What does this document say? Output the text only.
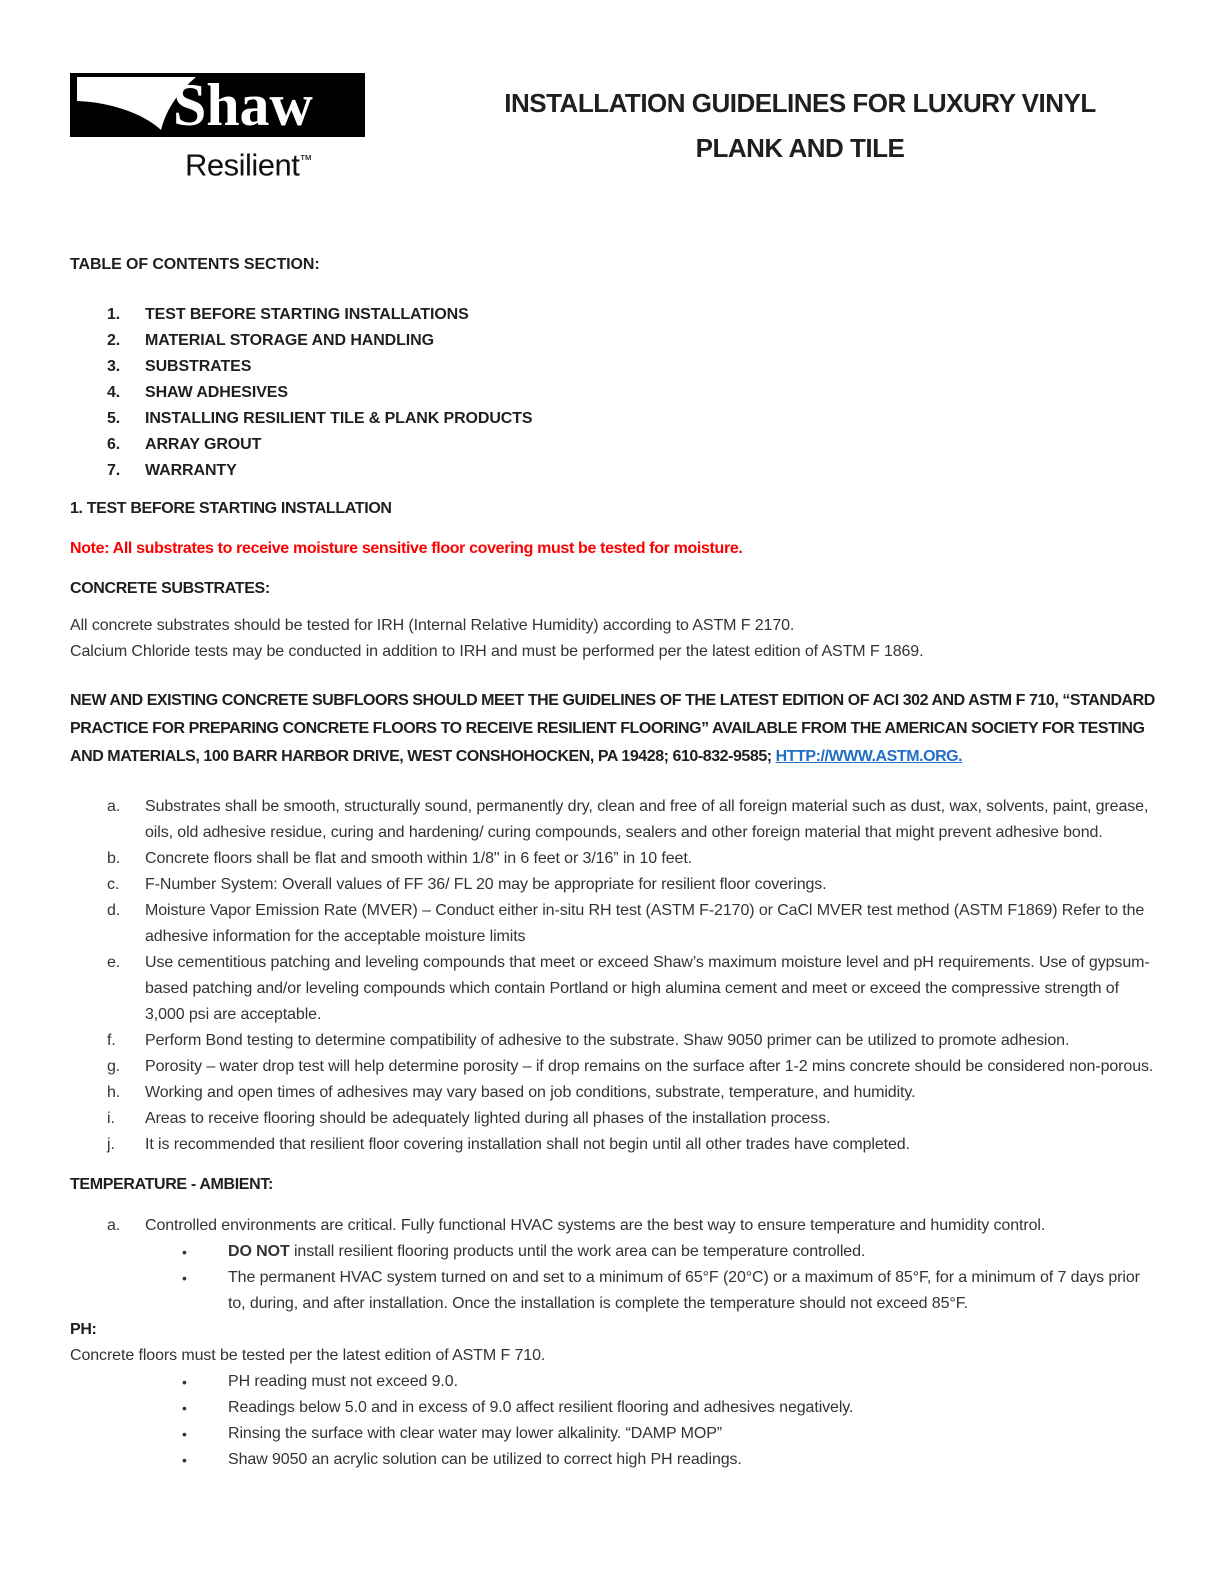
Shaw
Resilient™
INSTALLATION GUIDELINES FOR LUXURY VINYL
PLANK AND TILE
TABLE OF CONTENTS SECTION:
1. TEST BEFORE STARTING INSTALLATIONS
2. MATERIAL STORAGE AND HANDLING
3. SUBSTRATES
4. SHAW ADHESIVES
5. INSTALLING RESILIENT TILE & PLANK PRODUCTS
6. ARRAY GROUT
7. WARRANTY
1. TEST BEFORE STARTING INSTALLATION
Note: All substrates to receive moisture sensitive floor covering must be tested for moisture.
CONCRETE SUBSTRATES:
All concrete substrates should be tested for IRH (Internal Relative Humidity) according to ASTM F 2170.
Calcium Chloride tests may be conducted in addition to IRH and must be performed per the latest edition of ASTM F 1869.

NEW AND EXISTING CONCRETE SUBFLOORS SHOULD MEET THE GUIDELINES OF THE LATEST EDITION OF ACI 302 AND ASTM F 710, “STANDARD PRACTICE FOR PREPARING CONCRETE FLOORS TO RECEIVE RESILIENT FLOORING” AVAILABLE FROM THE AMERICAN SOCIETY FOR TESTING AND MATERIALS, 100 BARR HARBOR DRIVE, WEST CONSHOHOCKEN, PA 19428; 610-832-9585; HTTP://WWW.ASTM.ORG.

a. Substrates shall be smooth, structurally sound, permanently dry, clean and free of all foreign material such as dust, wax, solvents, paint, grease, oils, old adhesive residue, curing and hardening/ curing compounds, sealers and other foreign material that might prevent adhesive bond.
b. Concrete floors shall be flat and smooth within 1/8" in 6 feet or 3/16” in 10 feet.
c. F-Number System: Overall values of FF 36/ FL 20 may be appropriate for resilient floor coverings.
d. Moisture Vapor Emission Rate (MVER) – Conduct either in-situ RH test (ASTM F-2170) or CaCl MVER test method (ASTM F1869) Refer to the adhesive information for the acceptable moisture limits
e. Use cementitious patching and leveling compounds that meet or exceed Shaw’s maximum moisture level and pH requirements. Use of gypsum-based patching and/or leveling compounds which contain Portland or high alumina cement and meet or exceed the compressive strength of 3,000 psi are acceptable.
f. Perform Bond testing to determine compatibility of adhesive to the substrate. Shaw 9050 primer can be utilized to promote adhesion.
g. Porosity – water drop test will help determine porosity – if drop remains on the surface after 1-2 mins concrete should be considered non-porous.
h. Working and open times of adhesives may vary based on job conditions, substrate, temperature, and humidity.
i. Areas to receive flooring should be adequately lighted during all phases of the installation process.
j. It is recommended that resilient floor covering installation shall not begin until all other trades have completed.
TEMPERATURE - AMBIENT:
a. Controlled environments are critical. Fully functional HVAC systems are the best way to ensure temperature and humidity control.
•	DO NOT install resilient flooring products until the work area can be temperature controlled.
•	The permanent HVAC system turned on and set to a minimum of 65°F (20°C) or a maximum of 85°F, for a minimum of 7 days prior to, during, and after installation. Once the installation is complete the temperature should not exceed 85°F.
PH:
Concrete floors must be tested per the latest edition of ASTM F 710.
•	PH reading must not exceed 9.0.
•	Readings below 5.0 and in excess of 9.0 affect resilient flooring and adhesives negatively.
•	Rinsing the surface with clear water may lower alkalinity. “DAMP MOP”
•	Shaw 9050 an acrylic solution can be utilized to correct high PH readings.
